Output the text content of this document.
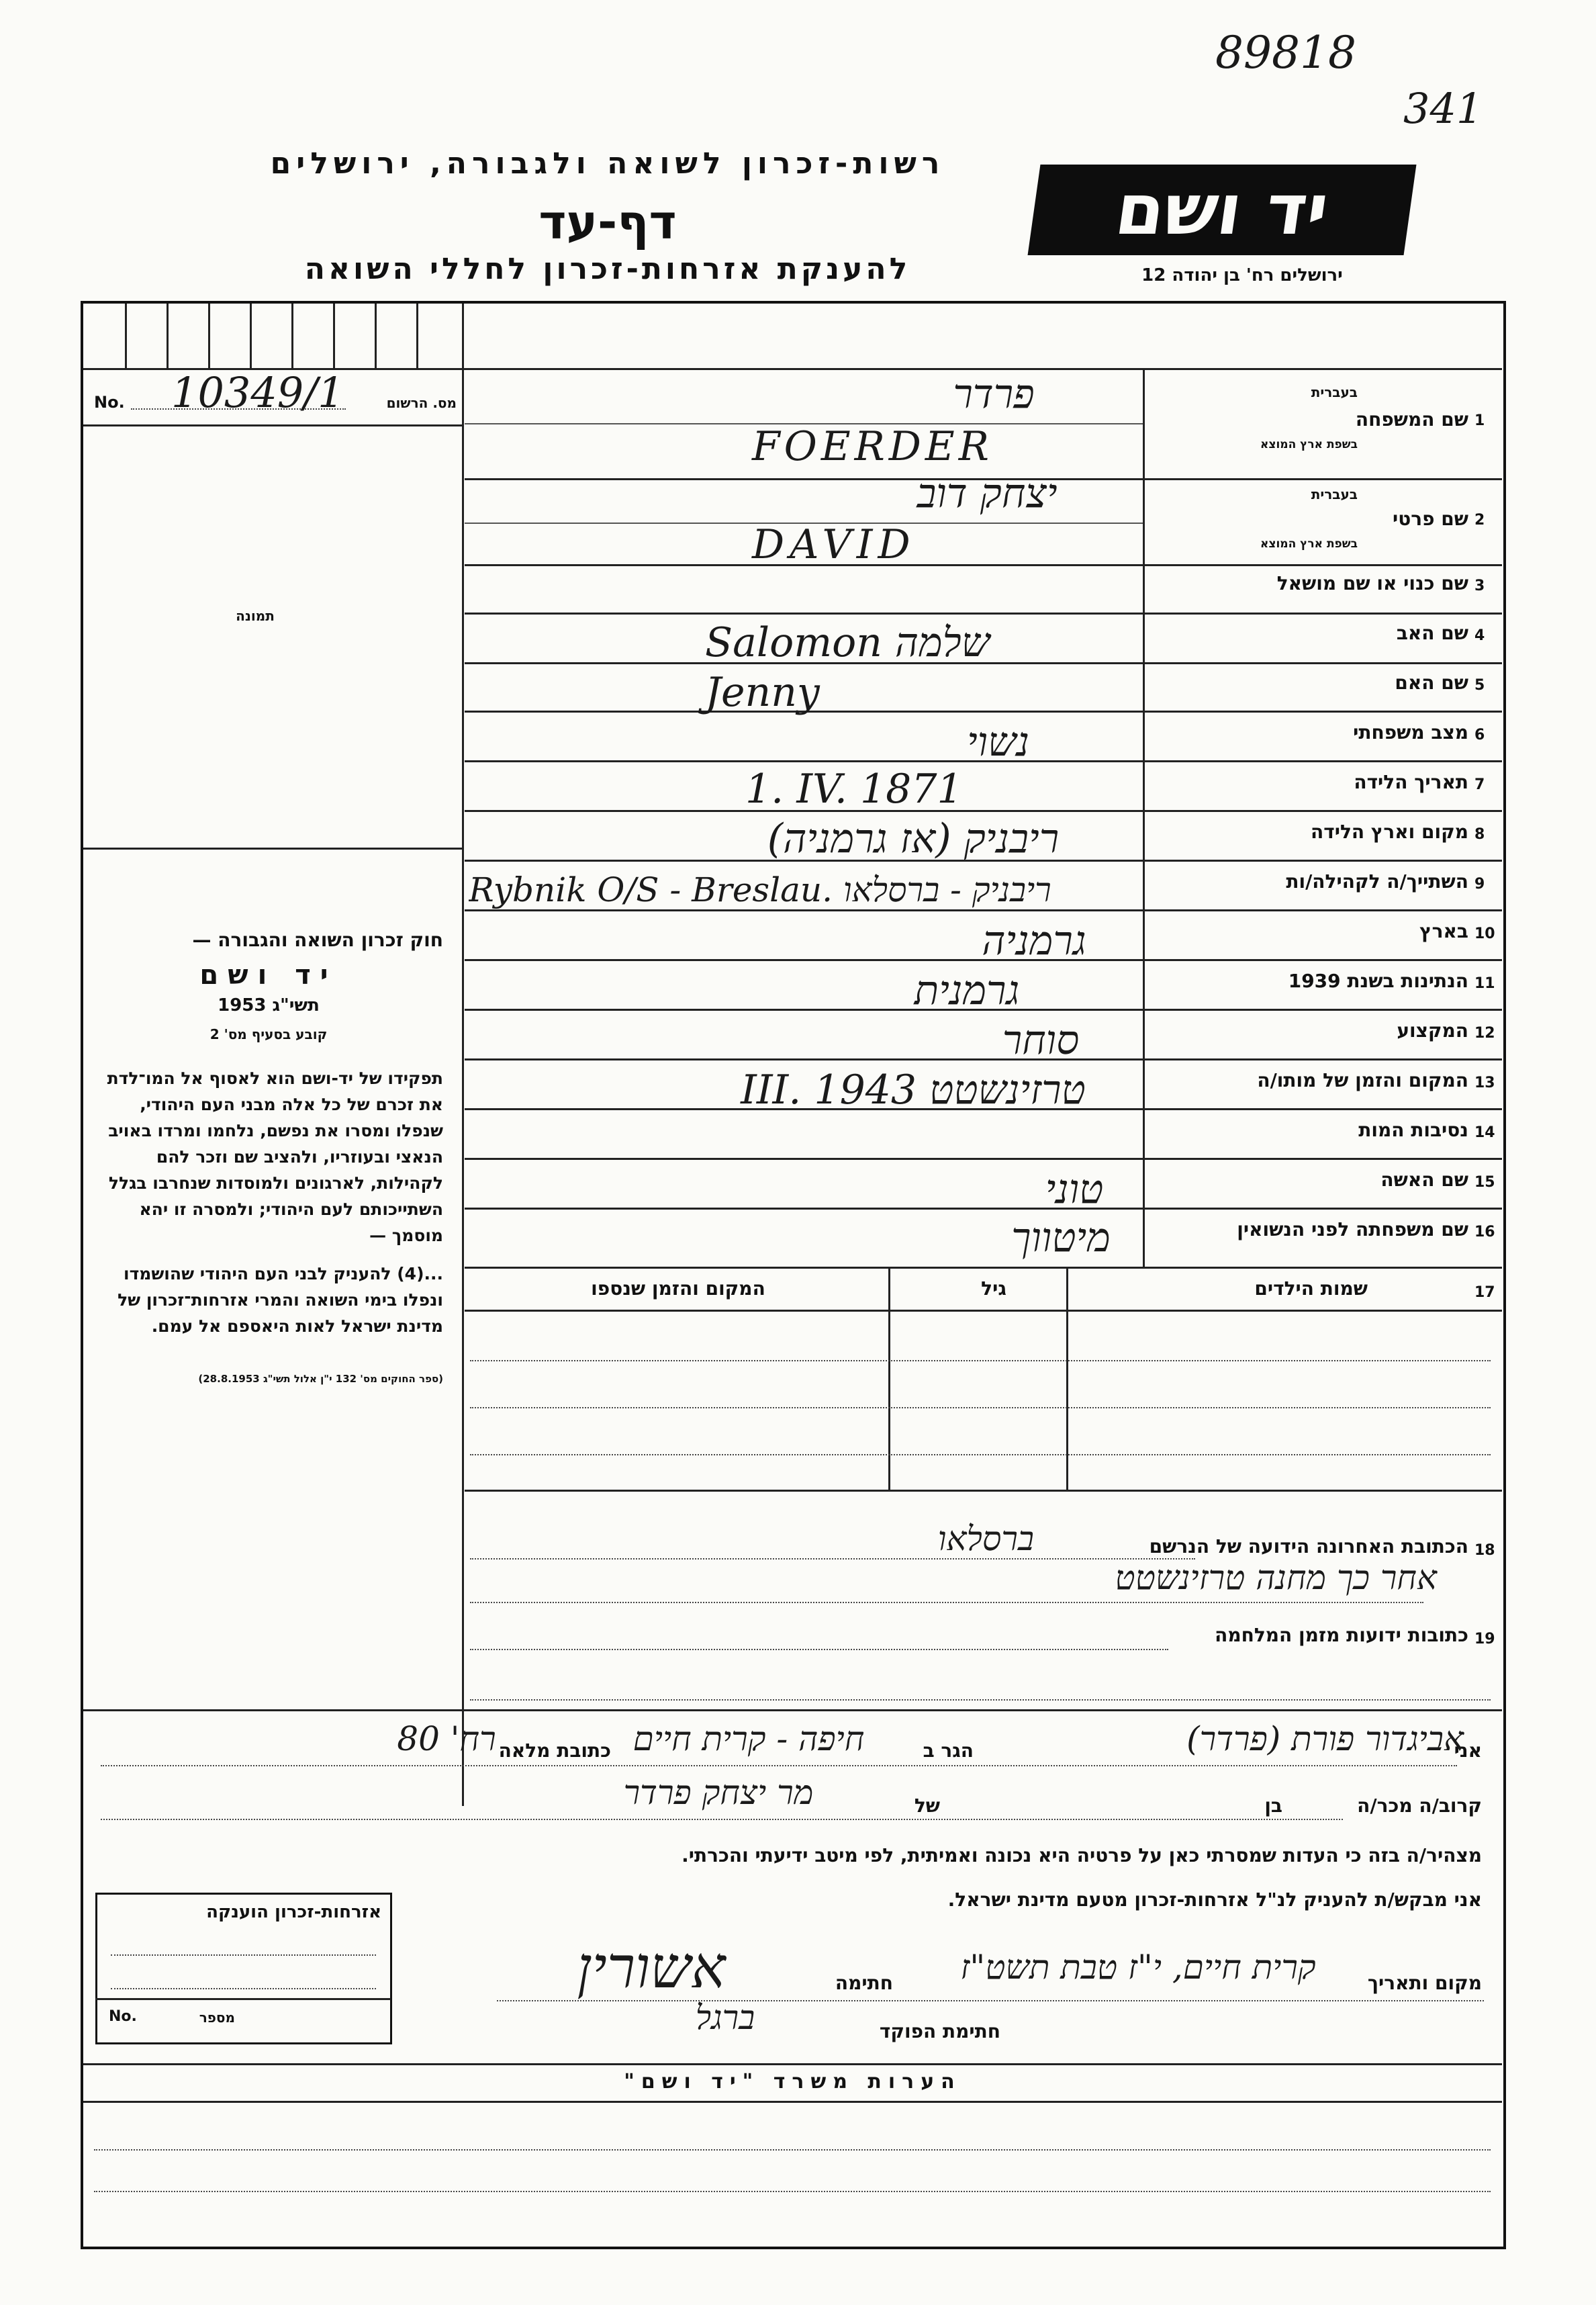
89818
341
רשות-זכרון לשואה ולגבורה, ירושלים
דף-עד
להענקת אזרחות-זכרון לחללי השואה
יד ושם
ירושלים רח' בן יהודה 12
No. 10349/1	מס. הרשום
תמונה
חוק זכרון השואה והגבורה —
יד ושם
תשי"ג 1953
קובע בסעיף מס' 2
תפקידו של יד-ושם הוא לאסוף אל המו־לדת את זכרם של כל אלה מבני העם היהודי, שנפלו ומסרו את נפשם, נלחמו ומרדו באויב הנאצי ובעוזריו, ולהציב שם וזכר להם לקהילות, לארגונים ולמוסדות שנחרבו בגלל השתייכותם לעם היהודי; ולמסרה זו יהא מוסמך —
...(4) להעניק לבני העם היהודי שהושמדו ונפלו בימי השואה והמרי אזרחות־זכרון של מדינת ישראל לאות היאספם אל עמם.
(ספר החוקים מס' 132 י"ן אלול תשי"ג 28.8.1953)
1
שם המשפחה
בעברית
בשפת ארץ המוצא
2
שם פרטי
בעברית
בשפת ארץ המוצא
3
שם כנוי או שם מושאל
4
שם האב
5
שם האם
6
מצב משפחתי
7
תאריך הלידה
8
מקום וארץ הלידה
9
השתייך/ה לקהילה/ות
10
בארץ
11
הנתינות בשנת 1939
12
המקצוע
13
המקום והזמן של מותו/ה
14
נסיבות המות
15
שם האשה
16
שם משפחתה לפני הנשואין
פרדר
FOERDER
יצחק דוב
DAVID
Salomon שלמה
Jenny
נשוי
1. IV. 1871
ריבניק (אז גרמניה)
Rybnik O/S - Breslau. ריבניק - ברסלאו
גרמניה
גרמנית
סוחר
טרזינשטט III. 1943
טוני
מיטווך
17
שמות הילדים
גיל
המקום והזמן שנספו
18
הכתובת האחרונה הידועה של הנרשם
ברסלאו
אחר כך מחנה טרזינשטט
19
כתובות ידועות מזמן המלחמה
אני
אביגדור פורת (פרדר)
הגר ב
חיפה - קרית חיים
כתובת מלאה
רח' 80
קרוב/ה מכר/ה
בן
של
מר יצחק פרדר
מצהיר/ה בזה כי העדות שמסרתי כאן על פרטיה היא נכונה ואמיתית, לפי מיטב ידיעתי והכרתי.
אני מבקש/ת להעניק לנ"ל אזרחות-זכרון מטעם מדינת ישראל.
מקום ותאריך
קרית חיים, י"ז טבת תשט"ז
חתימה
אשורין
חתימת הפוקד
ברגל
אזרחות-זכרון הוענקה
No.	מספר
הערות משרד "יד ושם"
